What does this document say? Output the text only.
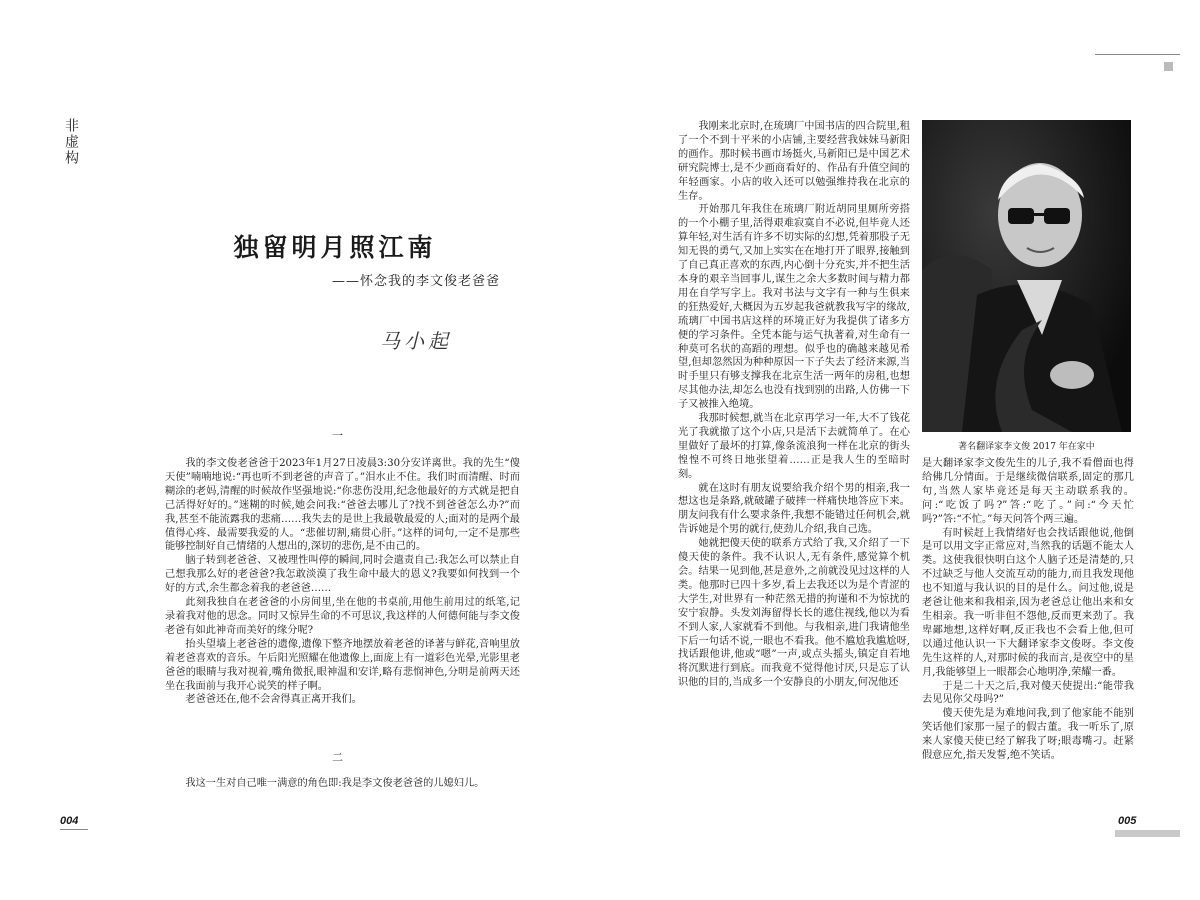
非虚构
独留明月照江南
——怀念我的李文俊老爸爸
马小起
一

我的李文俊老爸爸于2023年1月27日凌晨3:30分安详离世。我的先生“傻天使”喃喃地说:“再也听不到老爸的声音了。”泪水止不住。我们时而清醒、时而糊涂的老妈,清醒的时候故作坚强地说:“你悲伤没用,纪念他最好的方式就是把自己活得好好的。”迷糊的时候,她会问我:“爸爸去哪儿了?找不到爸爸怎么办?”而我,甚至不能流露我的悲痛……我失去的是世上我最敬最爱的人;面对的是两个最值得心疼、最需要我爱的人。“悲催切割,痛贯心肝。”这样的词句,一定不是那些能够控制好自己情绪的人想出的,深切的悲伤,是不由己的。

脑子转到老爸爸、又被理性叫停的瞬间,同时会遣责自己:我怎么可以禁止自己想我那么好的老爸爸?我怎敢淡漠了我生命中最大的恩义?我要如何找到一个好的方式,余生都念着我的老爸爸……

此刻我独自在老爸爸的小房间里,坐在他的书桌前,用他生前用过的纸笔,记录着我对他的思念。同时又惊异生命的不可思议,我这样的人何德何能与李文俊老爸有如此神奇而美好的缘分呢?

抬头望墙上老爸爸的遗像,遗像下整齐地摆放着老爸的译著与鲜花,音响里放着老爸喜欢的音乐。午后阳光照耀在他遗像上,面庞上有一道彩色光晕,光影里老爸爸的眼睛与我对视着,嘴角微抿,眼神温和安详,略有悲悯神色,分明是前两天还坐在我面前与我开心说笑的样子啊。

老爸爸还在,他不会舍得真正离开我们。

二

我这一生对自己唯一满意的角色即:我是李文俊老爸爸的儿媳妇儿。

我刚来北京时,在琉璃厂中国书店的四合院里,租了一个不到十平米的小店铺,主要经营我妹妹马新阳的画作。那时候书画市场挺火,马新阳已是中国艺术研究院博士,是不少画商看好的、作品有升值空间的年轻画家。小店的收入还可以勉强维持我在北京的生存。

开始那几年我住在琉璃厂附近胡同里厕所旁搭的一个小棚子里,活得艰难寂寞自不必说,但毕竟人还算年轻,对生活有许多不切实际的幻想,凭着那股子无知无畏的勇气,又加上实实在在地打开了眼界,接触到了自己真正喜欢的东西,内心倒十分充实,并不把生活本身的艰辛当回事儿,谋生之余大多数时间与精力都用在自学写字上。我对书法与文字有一种与生俱来的狂热爱好,大概因为五岁起我爸就教我写字的缘故,琉璃厂中国书店这样的环境正好为我提供了诸多方便的学习条件。全凭本能与运气执著着,对生命有一种莫可名状的高蹈的理想。似乎也的确越来越见希望,但却忽然因为种种原因一下子失去了经济来源,当时手里只有够支撑我在北京生活一两年的房租,也想尽其他办法,却怎么也没有找到别的出路,人仿佛一下子又被推入绝境。

我那时候想,就当在北京再学习一年,大不了钱花光了我就撤了这个小店,只是活下去就简单了。在心里做好了最坏的打算,像条流浪狗一样在北京的街头惶惶不可终日地张望着……正是我人生的至暗时刻。

就在这时有朋友说要给我介绍个男的相亲,我一想这也是条路,就破罐子破摔一样痛快地答应下来。朋友问我有什么要求条件,我想不能错过任何机会,就告诉她是个男的就行,使劲儿介绍,我自己选。

她就把傻天使的联系方式给了我,又介绍了一下傻天使的条件。我不认识人,无有条件,感觉算个机会。结果一见到他,甚是意外,之前就没见过这样的人类。他那时已四十多岁,看上去我还以为是个青涩的大学生,对世界有一种茫然无措的拘谨和不为惊扰的安宁寂静。头发刘海留得长长的遮住视线,他以为看不到人家,人家就看不到他。与我相亲,进门我请他坐下后一句话不说,一眼也不看我。他不尴尬我尴尬呀,找话跟他讲,他或“嗯”一声,或点头摇头,镇定自若地将沉默进行到底。而我竟不觉得他讨厌,只是忘了认识他的目的,当成多一个安静良的小朋友,何况他还

著名翻译家李文俊 2017 年在家中

是大翻译家李文俊先生的儿子,我不看僧面也得给佛几分情面。于是继续微信联系,固定的那几句,当然人家毕竟还是每天主动联系我的。问:“吃饭了吗?”答:“吃了。”问:“今天忙吗?”答:“不忙。”每天问答个两三遍。

有时候赶上我情绪好也会找话跟他说,他倒是可以用文字正常应对,当然我的话题不能太人类。这使我很快明白这个人脑子还是清楚的,只不过缺乏与他人交流互动的能力,而且我发现他也不知道与我认识的目的是什么。问过他,说是老爸让他来和我相亲,因为老爸总让他出来和女生相亲。我一听非但不怨他,反而更来劲了。我卑鄙地想,这样好啊,反正我也不会看上他,但可以通过他认识一下大翻译家李文俊呀。李文俊先生这样的人,对那时候的我而言,是夜空中的星月,我能够望上一眼都会心地明净,荣耀一番。

于是二十天之后,我对傻天使提出:“能带我去见见你父母吗?”

傻天使先是为难地问我,到了他家能不能别笑话他们家那一屋子的假古董。我一听乐了,原来人家傻天使已经了解我了呀;眼毒嘴刁。赶紧假意应允,指天发誓,绝不笑话。

004	005
